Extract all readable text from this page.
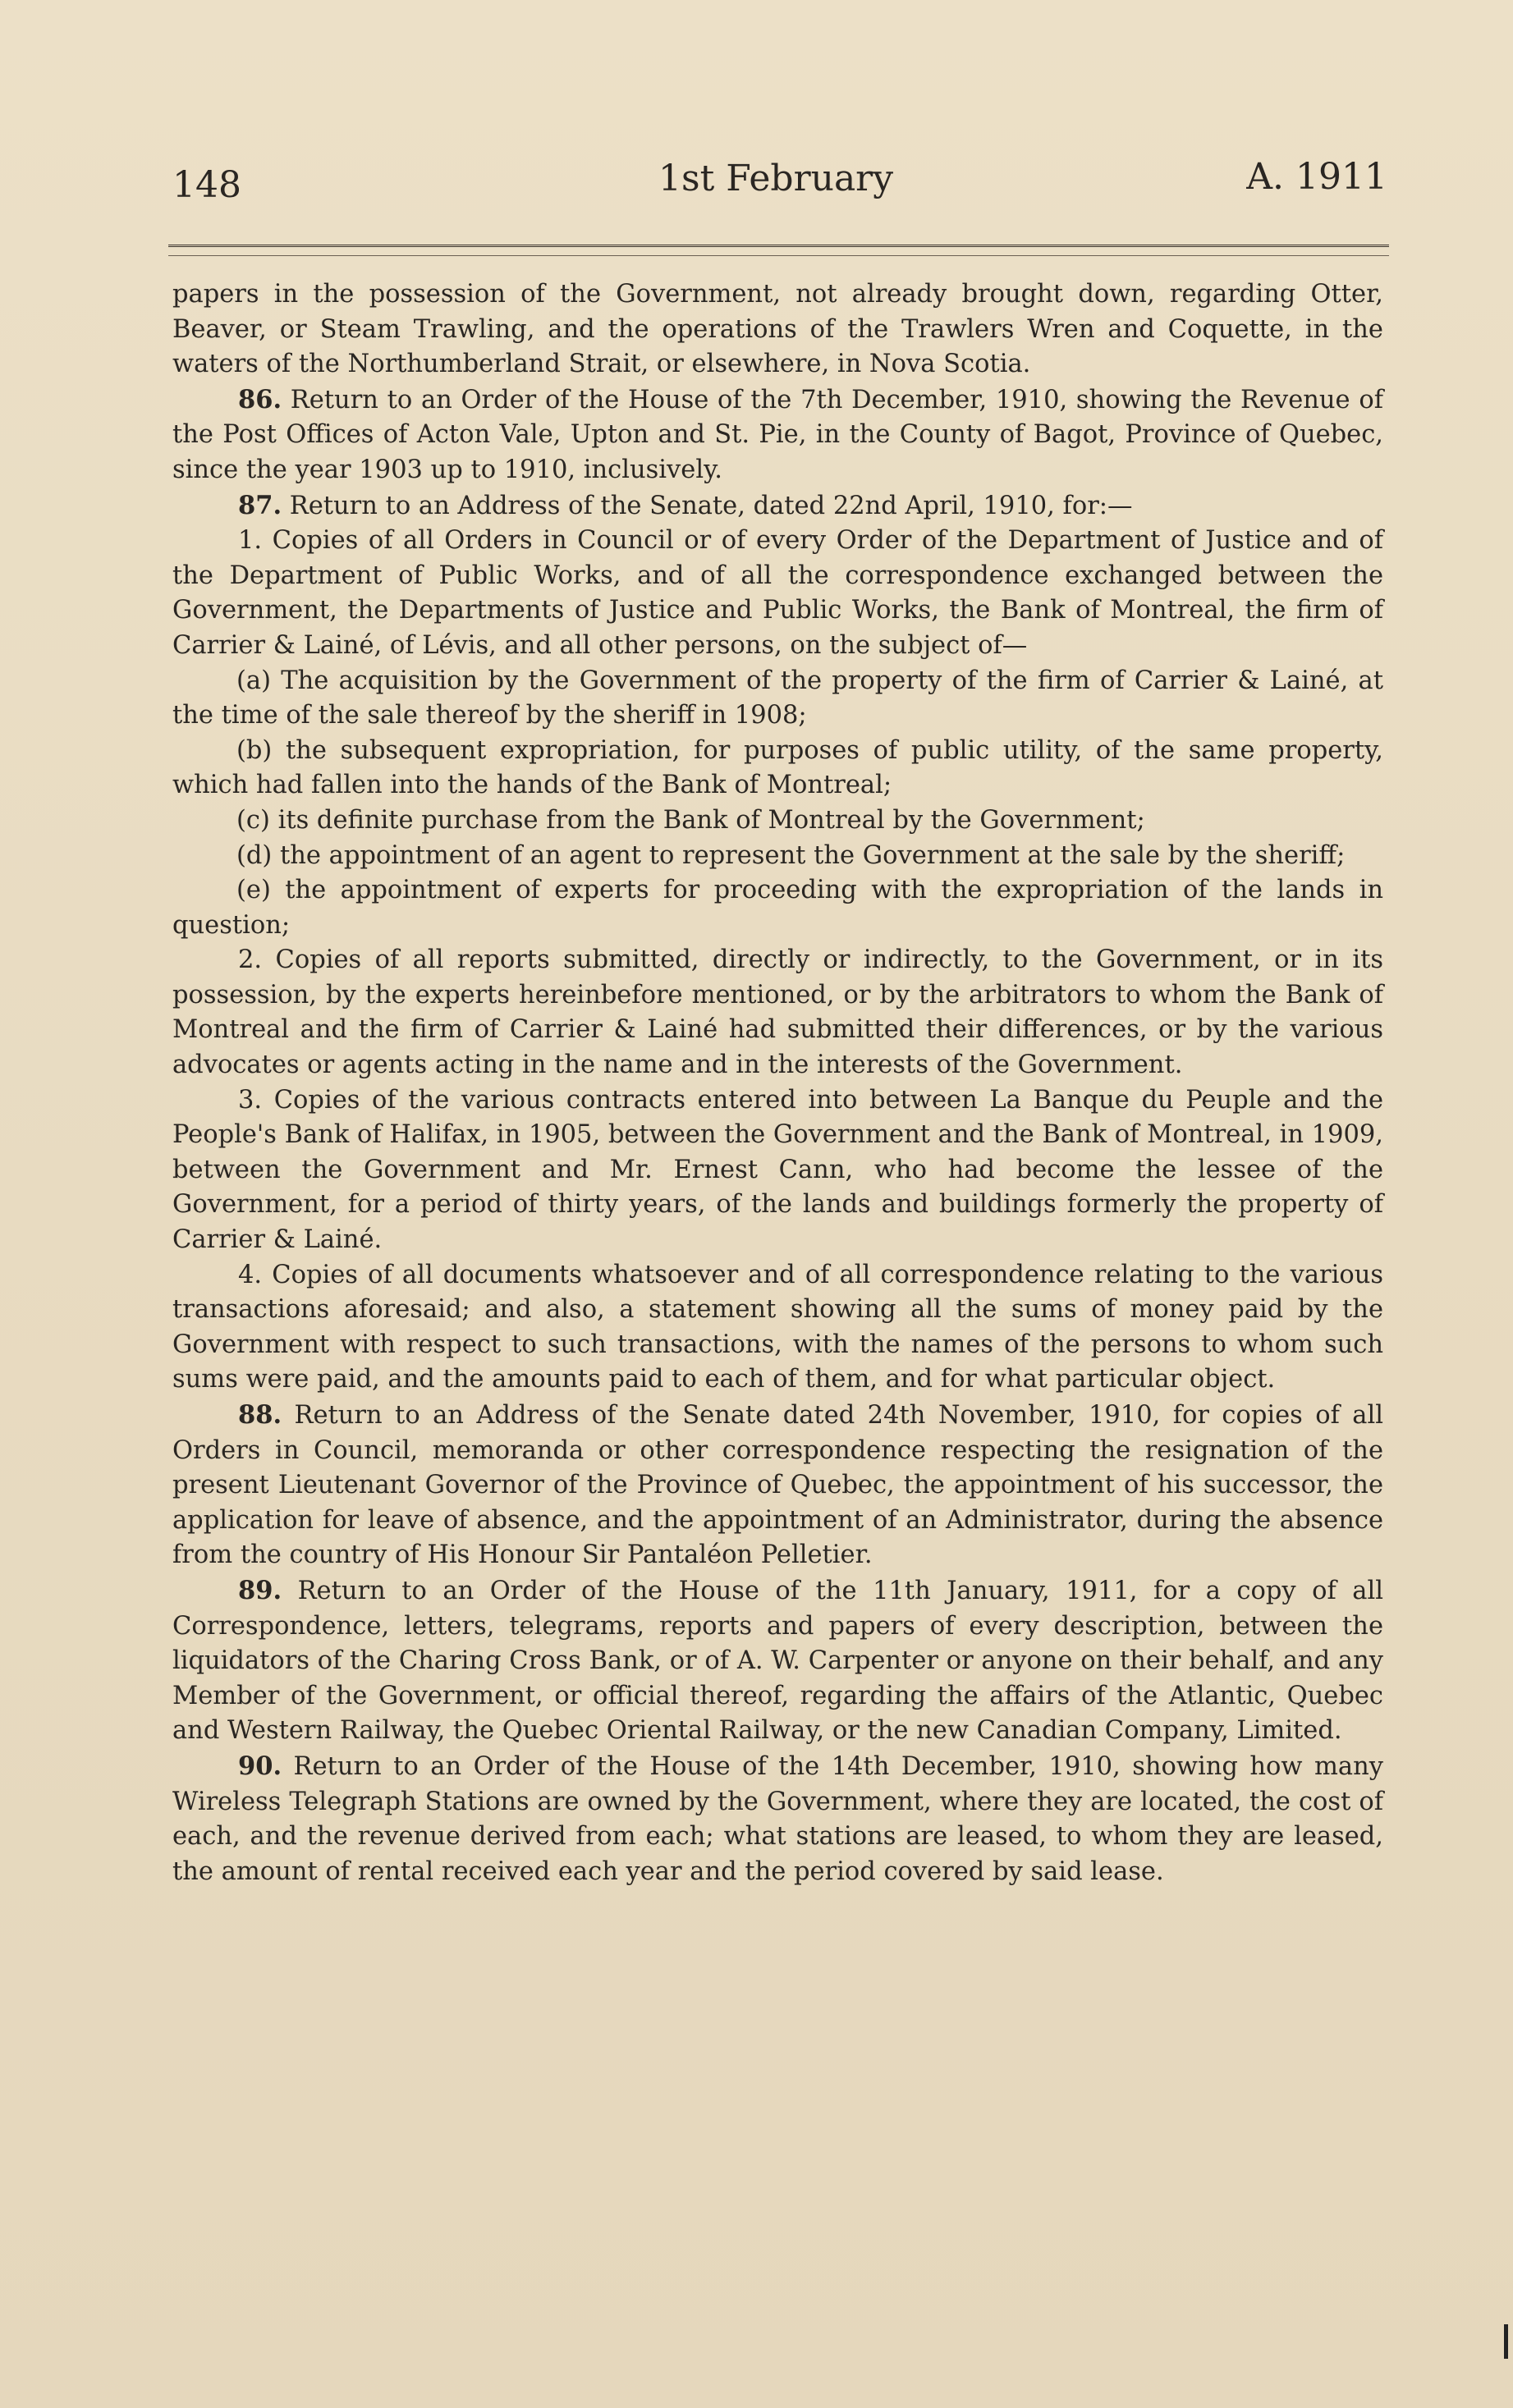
148	1st February	A. 1911

papers in the possession of the Government, not already brought down, regarding Otter, Beaver, or Steam Trawling, and the operations of the Trawlers Wren and Coquette, in the waters of the Northumberland Strait, or elsewhere, in Nova Scotia.

86. Return to an Order of the House of the 7th December, 1910, showing the Revenue of the Post Offices of Acton Vale, Upton and St. Pie, in the County of Bagot, Province of Quebec, since the year 1903 up to 1910, inclusively.

87. Return to an Address of the Senate, dated 22nd April, 1910, for:—

1. Copies of all Orders in Council or of every Order of the Department of Justice and of the Department of Public Works, and of all the correspondence exchanged between the Government, the Departments of Justice and Public Works, the Bank of Montreal, the firm of Carrier & Lainé, of Lévis, and all other persons, on the subject of—

(a) The acquisition by the Government of the property of the firm of Carrier & Lainé, at the time of the sale thereof by the sheriff in 1908;

(b) the subsequent expropriation, for purposes of public utility, of the same property, which had fallen into the hands of the Bank of Montreal;

(c) its definite purchase from the Bank of Montreal by the Government;

(d) the appointment of an agent to represent the Government at the sale by the sheriff;

(e) the appointment of experts for proceeding with the expropriation of the lands in question;

2. Copies of all reports submitted, directly or indirectly, to the Government, or in its possession, by the experts hereinbefore mentioned, or by the arbitrators to whom the Bank of Montreal and the firm of Carrier & Lainé had submitted their differences, or by the various advocates or agents acting in the name and in the interests of the Government.

3. Copies of the various contracts entered into between La Banque du Peuple and the People's Bank of Halifax, in 1905, between the Government and the Bank of Montreal, in 1909, between the Government and Mr. Ernest Cann, who had become the lessee of the Government, for a period of thirty years, of the lands and buildings formerly the property of Carrier & Lainé.

4. Copies of all documents whatsoever and of all correspondence relating to the various transactions aforesaid; and also, a statement showing all the sums of money paid by the Government with respect to such transactions, with the names of the persons to whom such sums were paid, and the amounts paid to each of them, and for what particular object.

88. Return to an Address of the Senate dated 24th November, 1910, for copies of all Orders in Council, memoranda or other correspondence respecting the resignation of the present Lieutenant Governor of the Province of Quebec, the appointment of his successor, the application for leave of absence, and the appointment of an Administrator, during the absence from the country of His Honour Sir Pantaléon Pelletier.

89. Return to an Order of the House of the 11th January, 1911, for a copy of all Correspondence, letters, telegrams, reports and papers of every description, between the liquidators of the Charing Cross Bank, or of A. W. Carpenter or anyone on their behalf, and any Member of the Government, or official thereof, regarding the affairs of the Atlantic, Quebec and Western Railway, the Quebec Oriental Railway, or the new Canadian Company, Limited.

90. Return to an Order of the House of the 14th December, 1910, showing how many Wireless Telegraph Stations are owned by the Government, where they are located, the cost of each, and the revenue derived from each; what stations are leased, to whom they are leased, the amount of rental received each year and the period covered by said lease.
